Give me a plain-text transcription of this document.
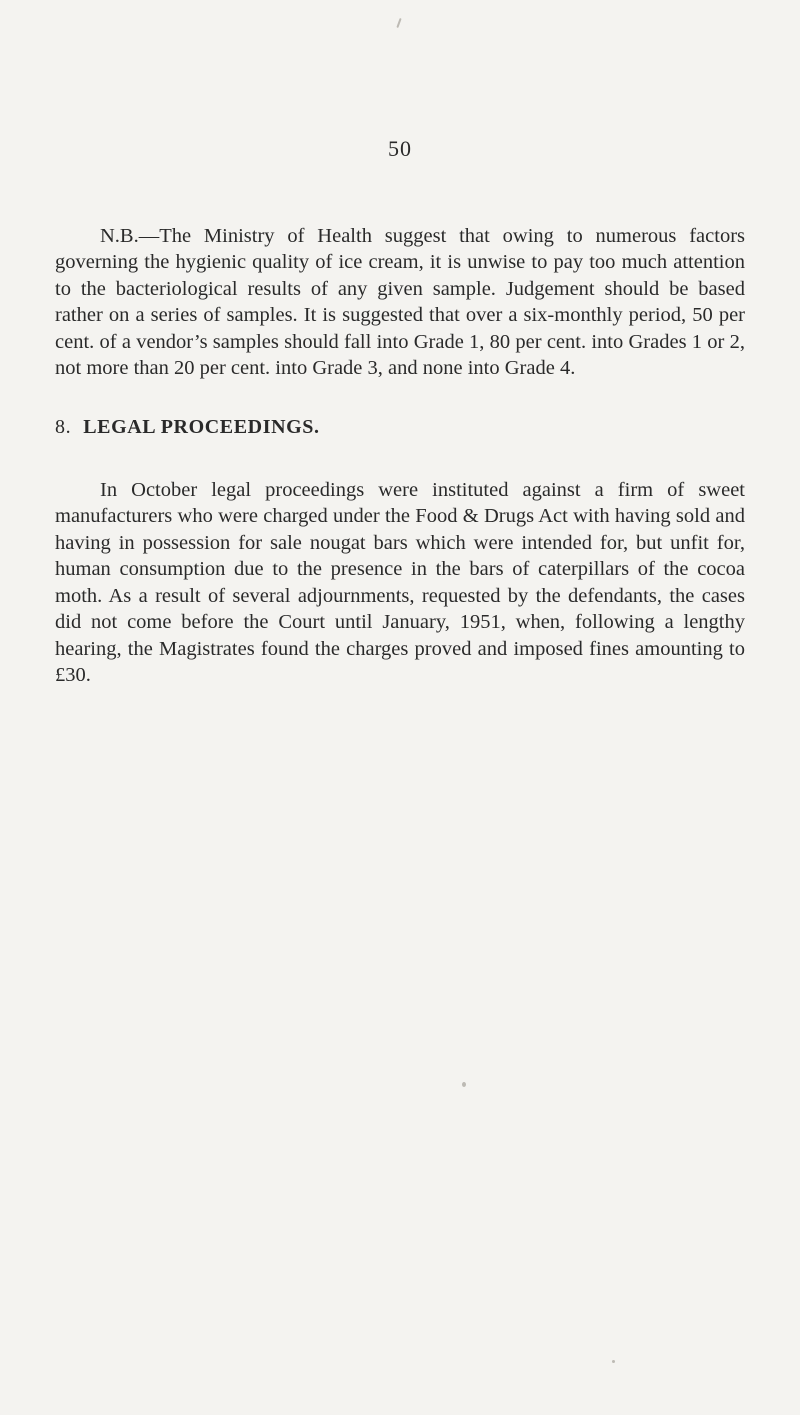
50

N.B.—The Ministry of Health suggest that owing to numerous factors governing the hygienic quality of ice cream, it is unwise to pay too much attention to the bacteriological results of any given sample. Judgement should be based rather on a series of samples. It is suggested that over a six-monthly period, 50 per cent. of a vendor’s samples should fall into Grade 1, 80 per cent. into Grades 1 or 2, not more than 20 per cent. into Grade 3, and none into Grade 4.

8. LEGAL PROCEEDINGS.

In October legal proceedings were instituted against a firm of sweet manufacturers who were charged under the Food & Drugs Act with having sold and having in possession for sale nougat bars which were intended for, but unfit for, human consumption due to the presence in the bars of caterpillars of the cocoa moth. As a result of several adjournments, requested by the defendants, the cases did not come before the Court until January, 1951, when, following a lengthy hearing, the Magistrates found the charges proved and imposed fines amounting to £30.
